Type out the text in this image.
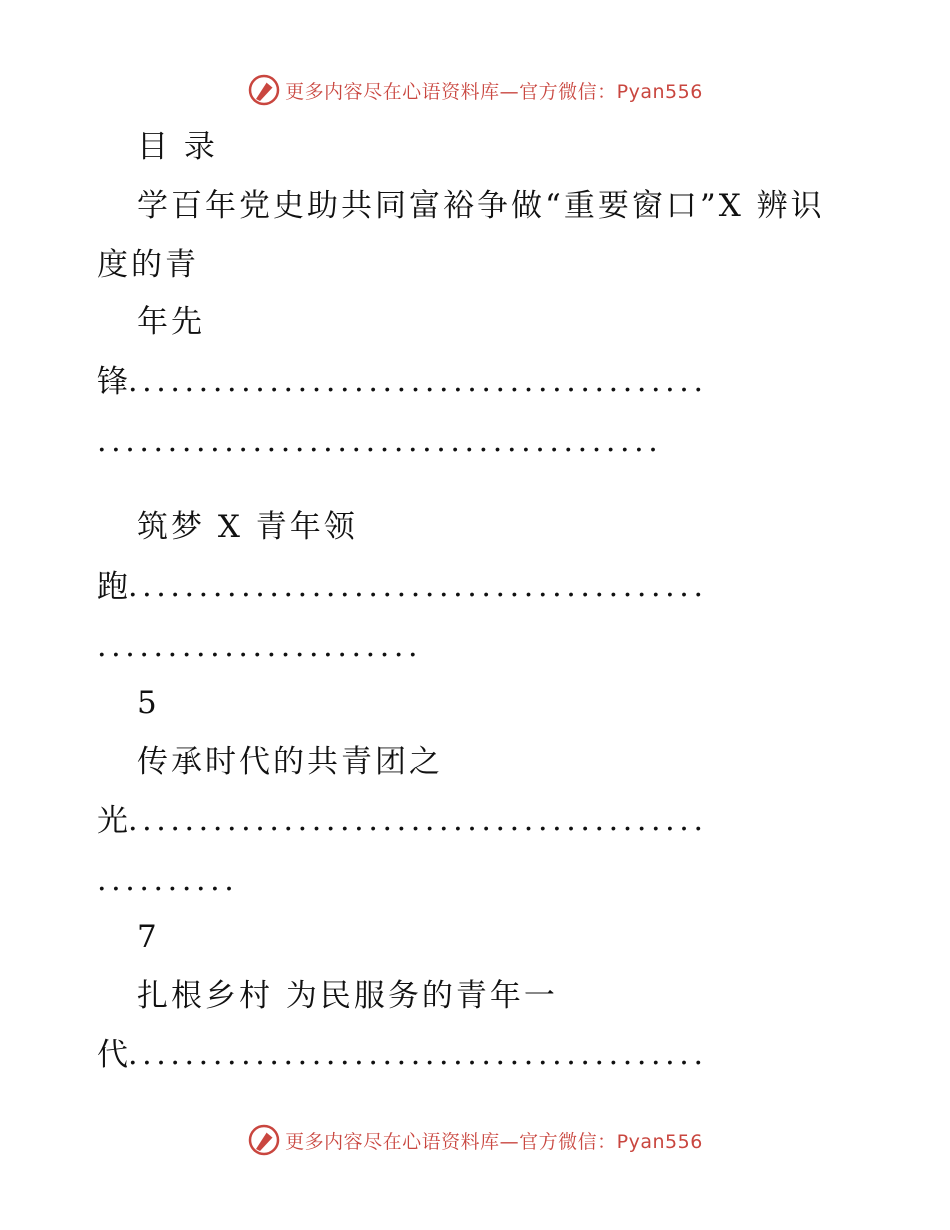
更多内容尽在心语资料库—官方微信：Pyan556
目 录
学百年党史助共同富裕争做“重要窗口”X 辨识
度的青
年先
锋
.........................................
........................................
筑梦 X 青年领
跑
.........................................
.......................
5
传承时代的共青团之
光
.........................................
..........
7
扎根乡村 为民服务的青年一
代
.........................................
更多内容尽在心语资料库—官方微信：Pyan556
